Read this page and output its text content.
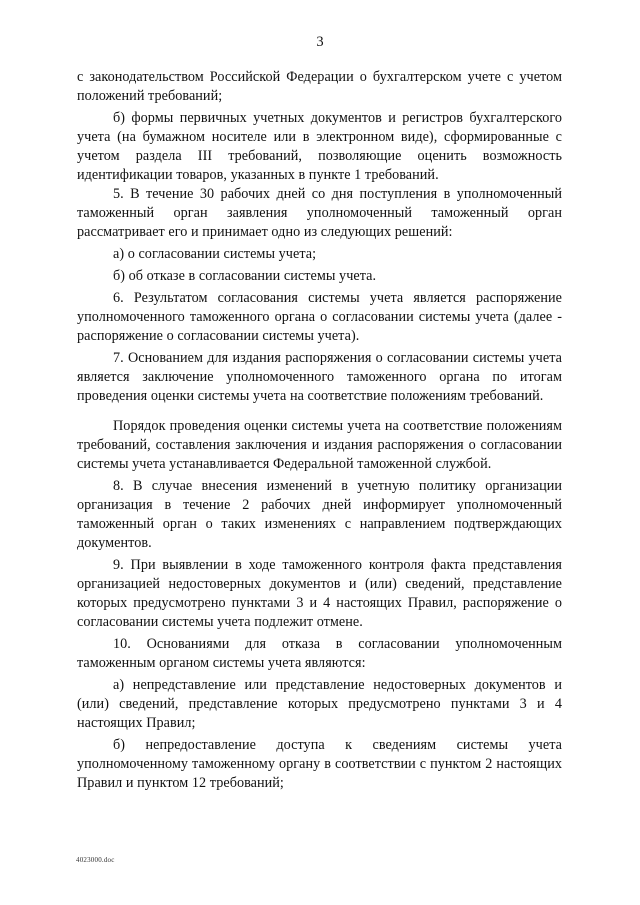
3

с законодательством Российской Федерации о бухгалтерском учете с учетом положений требований;

б) формы первичных учетных документов и регистров бухгалтерского учета (на бумажном носителе или в электронном виде), сформированные с учетом раздела III требований, позволяющие оценить возможность идентификации товаров, указанных в пункте 1 требований.

5. В течение 30 рабочих дней со дня поступления в уполномоченный таможенный орган заявления уполномоченный таможенный орган рассматривает его и принимает одно из следующих решений:

а) о согласовании системы учета;

б) об отказе в согласовании системы учета.

6. Результатом согласования системы учета является распоряжение уполномоченного таможенного органа о согласовании системы учета (далее - распоряжение о согласовании системы учета).

7. Основанием для издания распоряжения о согласовании системы учета является заключение уполномоченного таможенного органа по итогам проведения оценки системы учета на соответствие положениям требований.

Порядок проведения оценки системы учета на соответствие положениям требований, составления заключения и издания распоряжения о согласовании системы учета устанавливается Федеральной таможенной службой.

8. В случае внесения изменений в учетную политику организации организация в течение 2 рабочих дней информирует уполномоченный таможенный орган о таких изменениях с направлением подтверждающих документов.

9. При выявлении в ходе таможенного контроля факта представления организацией недостоверных документов и (или) сведений, представление которых предусмотрено пунктами 3 и 4 настоящих Правил, распоряжение о согласовании системы учета подлежит отмене.

10. Основаниями для отказа в согласовании уполномоченным таможенным органом системы учета являются:

а) непредставление или представление недостоверных документов и (или) сведений, представление которых предусмотрено пунктами 3 и 4 настоящих Правил;

б) непредоставление доступа к сведениям системы учета уполномоченному таможенному органу в соответствии с пунктом 2 настоящих Правил и пунктом 12 требований;

4023000.doc
